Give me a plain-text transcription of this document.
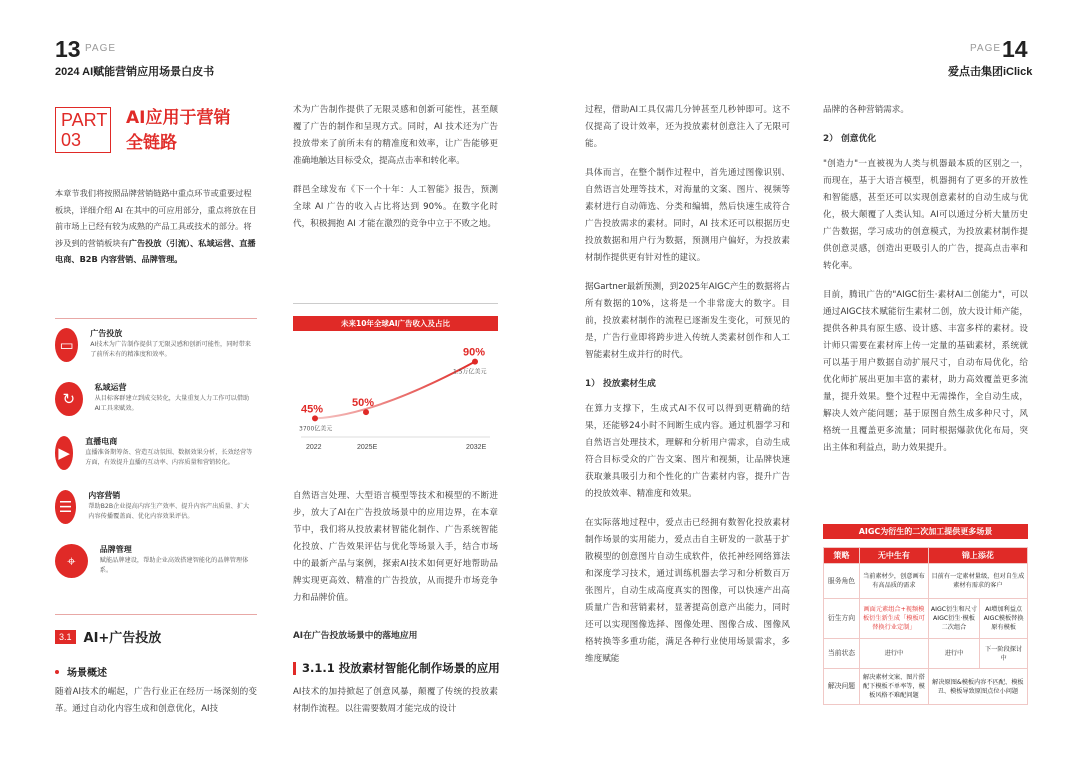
13 PAGE
2024 AI赋能营销应用场景白皮书
PAGE 14
爱点击集团iClick
PART
03
AI应用于营销
全链路
本章节我们将按照品牌营销链路中重点环节或重要过程板块，详细介绍 AI 在其中的可应用部分，重点将放在目前市场上已经有较为成熟的产品工具或技术的部分。将涉及到的营销板块有广告投放（引流）、私域运营、直播电商、B2B 内容营销、品牌管理。
▭
广告投放
AI技术为广告制作提供了无限灵感和创新可能性，同时带来了前所未有的精准度和效率。
↻
私域运营
从目标客群建立到成交转化，大量重复人力工作可以借助AI工具来赋效。
▶
直播电商
直播准备期筹备、营造互动氛围、数据效果分析，长效经营等方面，有效提升直播的互动率、内容质量和营销转化。
☰
内容营销
帮助B2B企业提高内容生产效率、提升内容产出质量、扩大内容传播覆盖面、优化内容效果评估。
⌖
品牌管理
赋能品牌建设，帮助企业高效搭建智能化的品牌管理体系。
3.1 AI+广告投放
场景概述
随着AI技术的崛起，广告行业正在经历一场深刻的变革。通过自动化内容生成和创意优化，AI技

术为广告制作提供了无限灵感和创新可能性，甚至颠覆了广告的制作和呈现方式。同时，AI 技术还为广告投放带来了前所未有的精准度和效率，让广告能够更准确地触达目标受众，提高点击率和转化率。

群邑全球发布《下一个十年：人工智能》报告，预测全球 AI 广告的收入占比将达到 90%。在数字化时代，积极拥抱 AI 才能在激烈的竞争中立于不败之地。

未来10年全球AI广告收入及占比
45%
2022
50%
2025E
90%
2032E
3700亿美元
1.5万亿美元
自然语言处理、大型语言模型等技术和模型的不断进步，放大了AI在广告投放场景中的应用边界，在本章节中，我们将从投放素材智能化制作、广告系统智能化投放、广告效果评估与优化等场景入手，结合市场中的最新产品与案例，探索AI技术如何更好地帮助品牌实现更高效、精准的广告投放，从而提升市场竞争力和品牌价值。
AI在广告投放场景中的落地应用
3.1.1 投放素材智能化制作场景的应用
AI技术的加持掀起了创意风暴，颠覆了传统的投放素材制作流程。以往需要数周才能完成的设计

过程，借助AI工具仅需几分钟甚至几秒钟即可。这不仅提高了设计效率，还为投放素材创意注入了无限可能。

具体而言，在整个制作过程中，首先通过图像识别、自然语言处理等技术，对海量的文案、图片、视频等素材进行自动筛选、分类和编辑，然后快速生成符合广告投放需求的素材。同时，AI 技术还可以根据历史投放数据和用户行为数据，预测用户偏好，为投放素材制作提供更有针对性的建议。

据Gartner最新预测，到2025年AIGC产生的数据将占所有数据的10%，这将是一个非常庞大的数字。目前，投放素材制作的流程已逐渐发生变化，可预见的是，广告行业即将跨步进入传统人类素材创作和人工智能素材生成并行的时代。

1） 投放素材生成

在算力支撑下，生成式AI不仅可以得到更精确的结果，还能够24小时不间断生成内容。通过机器学习和自然语言处理技术，理解和分析用户需求，自动生成符合目标受众的广告文案、图片和视频，让品牌快速获取兼具吸引力和个性化的广告素材内容，提升广告的投放效率、精准度和效果。

在实际落地过程中，爱点击已经拥有数智化投放素材制作场景的实用能力，爱点击自主研发的一款基于扩散模型的创意图片自动生成软件，依托神经网络算法和深度学习技术，通过训练机器去学习和分析数百万张图片，自动生成高度真实的图像，可以快速产出高质量广告和营销素材，显著提高创意产出能力，同时还可以实现图像选择、图像处理、图像合成、图像风格转换等多重功能，满足各种行业使用场景需求，多维度赋能

品牌的各种营销需求。

2） 创意优化

"创造力"一直被视为人类与机器最本质的区别之一，而现在，基于大语言模型，机器拥有了更多的开放性和智能感，甚至还可以实现创意素材的自动生成与优化，极大颠覆了人类认知。AI可以通过分析大量历史广告数据，学习成功的创意模式，为投放素材制作提供创意灵感，创造出更吸引人的广告，提高点击率和转化率。

目前，腾讯广告的"AIGC衍生·素材AI二创能力"，可以通过AIGC技术赋能衍生素材二创，放大设计师产能，提供各种具有原生感、设计感、丰富多样的素材。设计师只需要在素材库上传一定量的基础素材，系统就可以基于用户数据自动扩展尺寸，自动布局优化，给优化师扩展出更加丰富的素材，助力高效覆盖更多流量，提升效果。整个过程中无需操作，全自动生成，解决人效产能问题；基于原图自然生成多种尺寸，风格统一且覆盖更多流量；同时根据爆款优化布局，突出主体和利益点，助力效果提升。

AIGC为衍生的二次加工提供更多场景
策略	无中生有	锦上添花	
服务角色	当前素材少，创意画布有高品质的需求	目前有一定素材量级，但对自生成素材有需求的客户	
衍生方向	画面元素组合+视频模板衍生新生成「模板可替换行业定制」	AIGC衍生和尺寸AIGC衍生·模板二次组合	AI增加利益点AIGC模板替换原有模板
当前状态	进行中	进行中	下一阶段探讨中
解决问题	解决素材文案、图片搭配下模板不单率等，模板风格不难配问题	解决原图&模板内容不匹配、模板丑、模板导致原图点位小问题	
